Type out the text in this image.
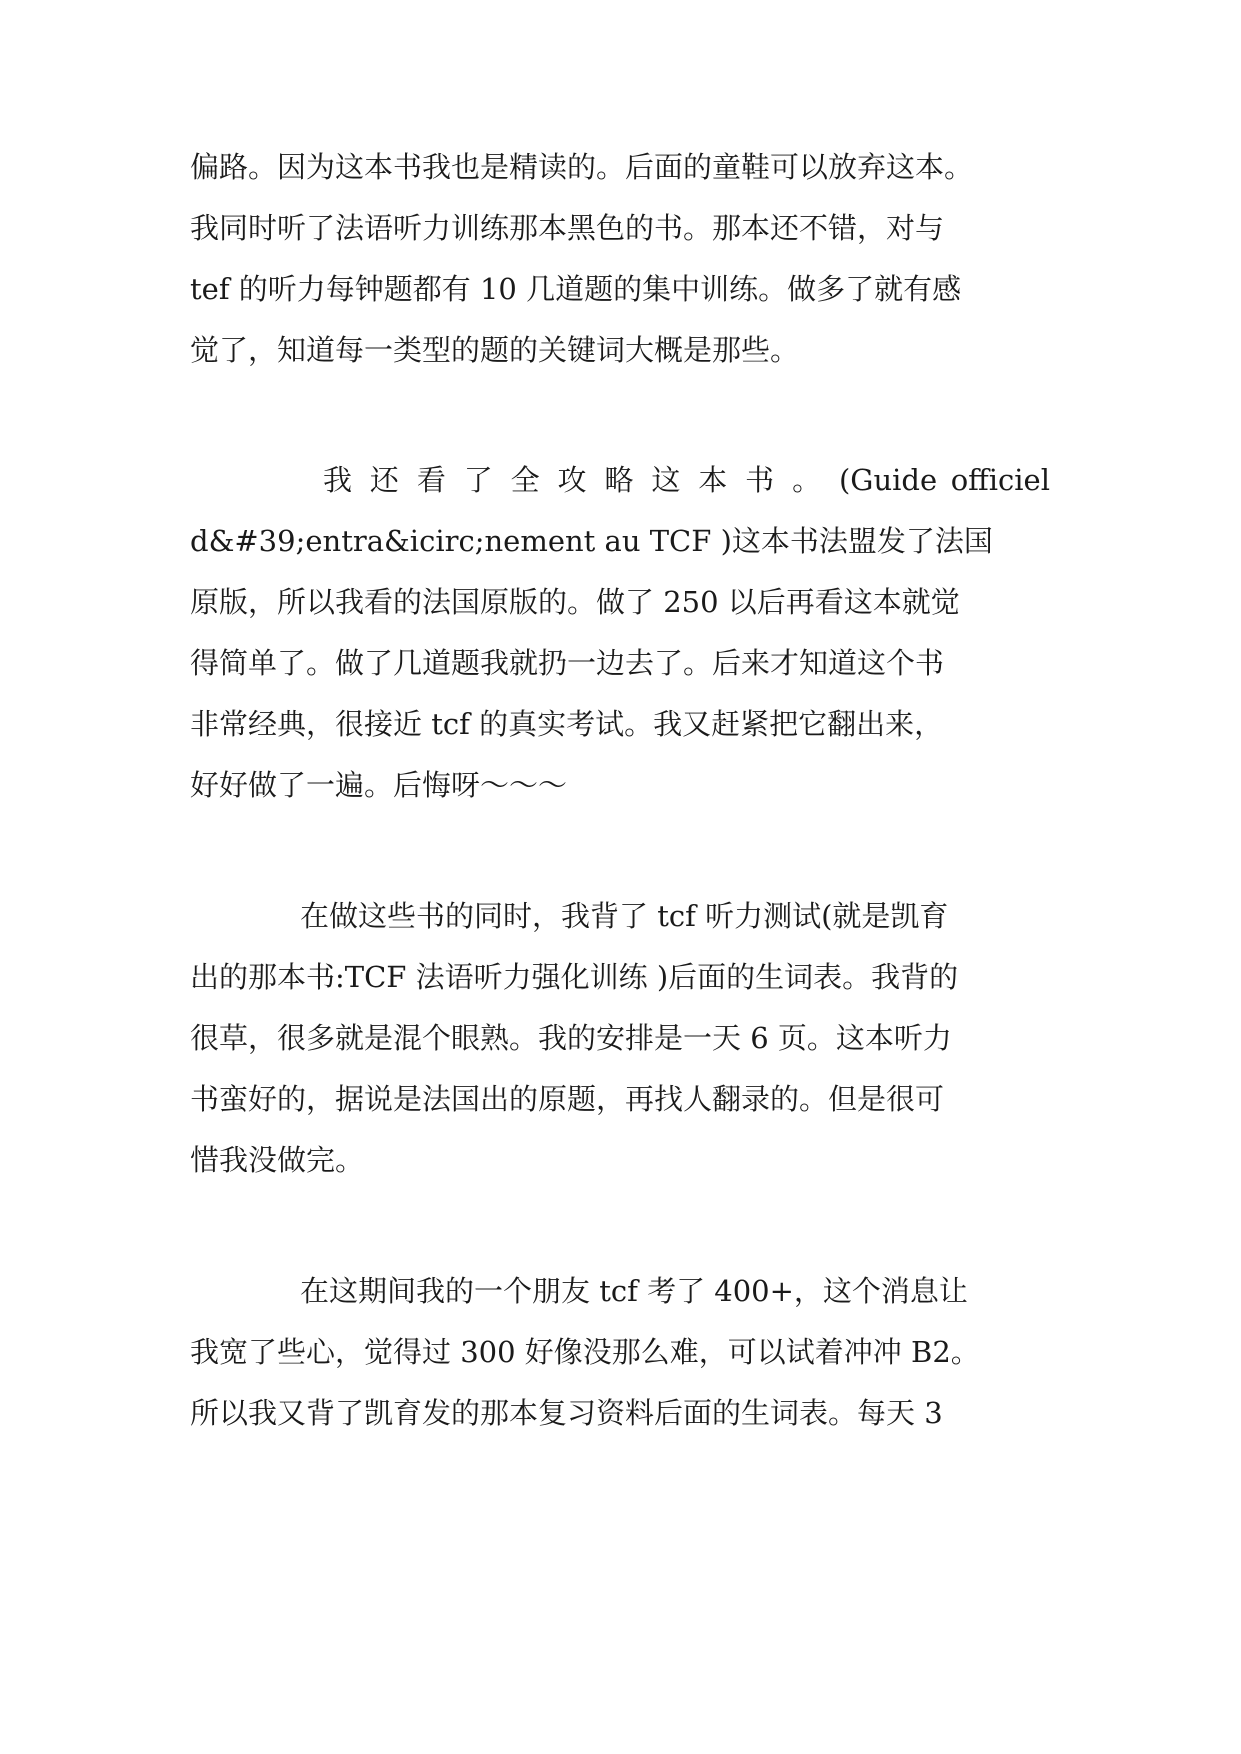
偏路。因为这本书我也是精读的。后面的童鞋可以放弃这本。
我同时听了法语听力训练那本黑色的书。那本还不错，对与
tef 的听力每钟题都有 10 几道题的集中训练。做多了就有感
觉了，知道每一类型的题的关键词大概是那些。
我 还 看 了 全 攻 略 这 本 书 。 (Guide officiel
d&#39;entra&icirc;nement au TCF )这本书法盟发了法国
原版，所以我看的法国原版的。做了 250 以后再看这本就觉
得简单了。做了几道题我就扔一边去了。后来才知道这个书
非常经典，很接近 tcf 的真实考试。我又赶紧把它翻出来，
好好做了一遍。后悔呀～～～
在做这些书的同时，我背了 tcf 听力测试(就是凯育
出的那本书:TCF 法语听力强化训练 )后面的生词表。我背的
很草，很多就是混个眼熟。我的安排是一天 6 页。这本听力
书蛮好的，据说是法国出的原题，再找人翻录的。但是很可
惜我没做完。
在这期间我的一个朋友 tcf 考了 400+，这个消息让
我宽了些心，觉得过 300 好像没那么难，可以试着冲冲 B2。
所以我又背了凯育发的那本复习资料后面的生词表。每天 3
